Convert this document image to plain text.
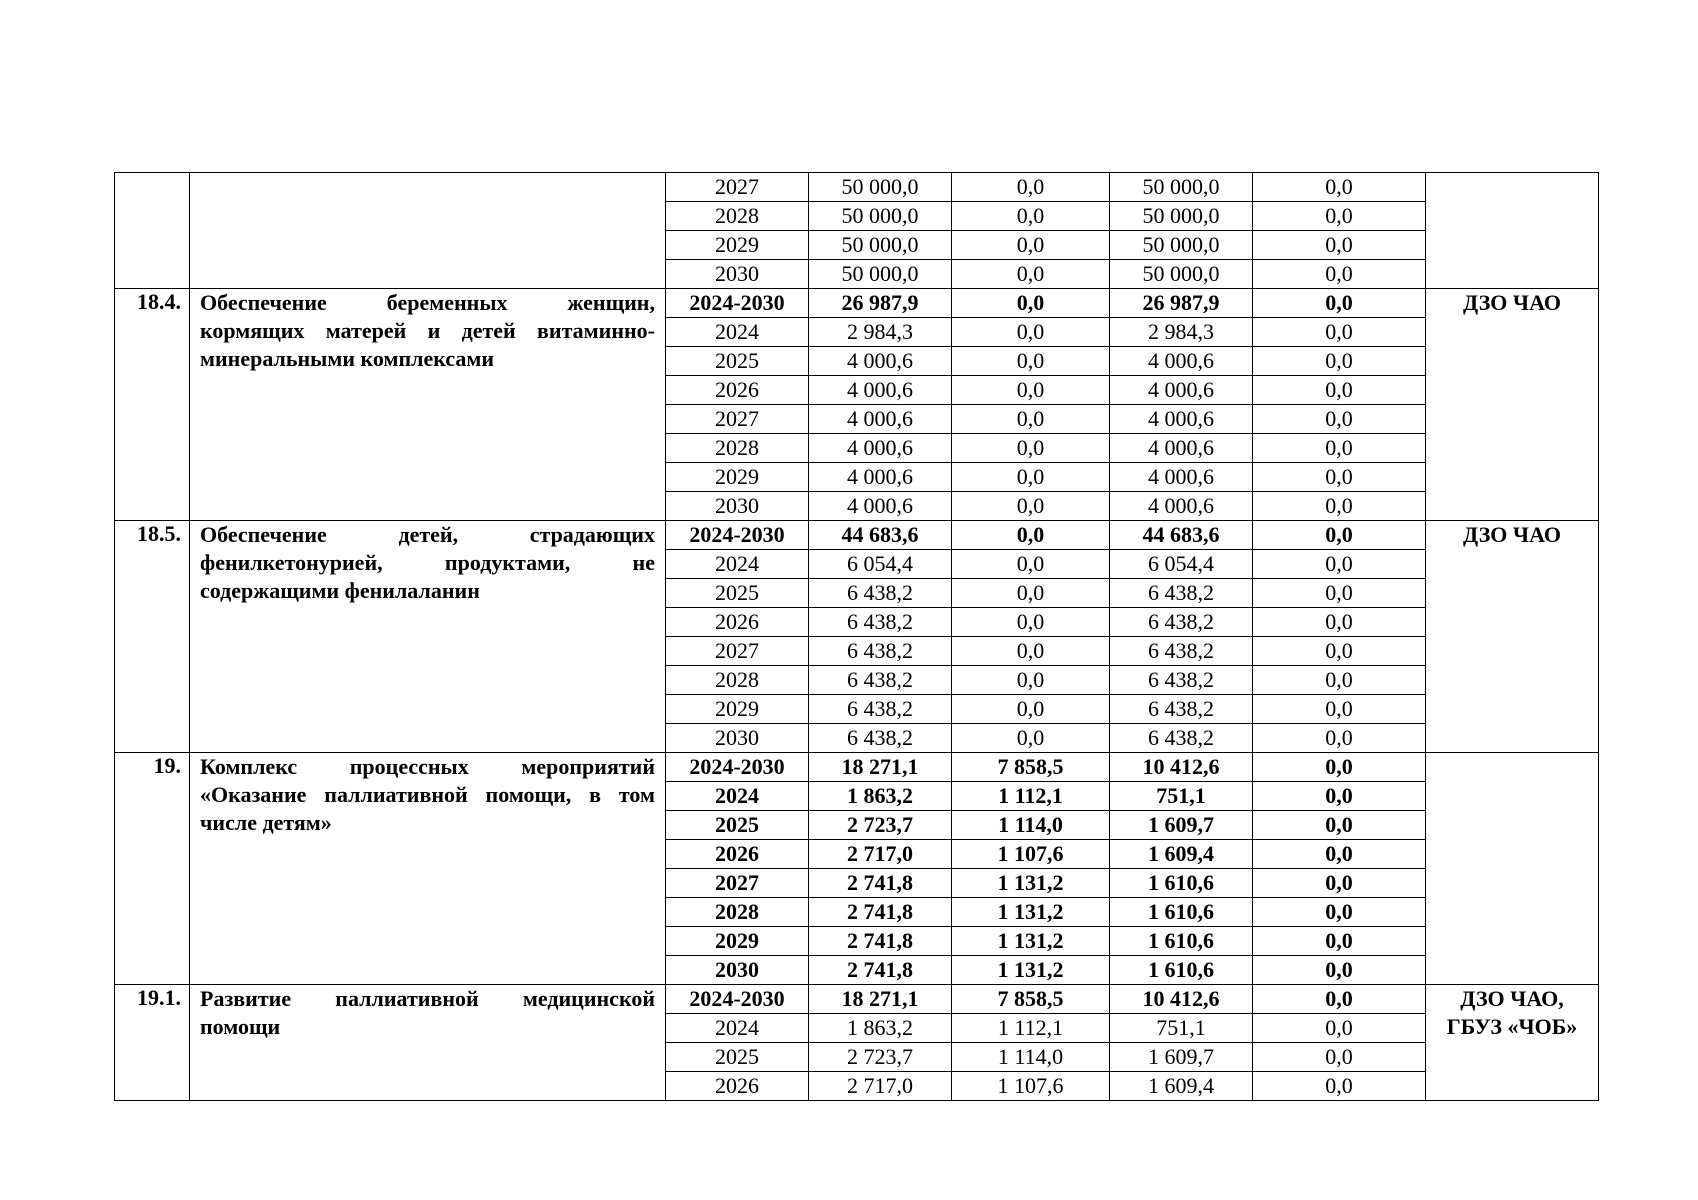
		2027	50 000,0	0,0	50 000,0	0,0	
		2028	50 000,0	0,0	50 000,0	0,0	
		2029	50 000,0	0,0	50 000,0	0,0	
		2030	50 000,0	0,0	50 000,0	0,0	
18.4.	Обеспечение беременных женщин, кормящих матерей и детей витаминно-минеральными комплексами	2024-2030	26 987,9	0,0	26 987,9	0,0	ДЗО ЧАО
		2024	2 984,3	0,0	2 984,3	0,0	
		2025	4 000,6	0,0	4 000,6	0,0	
		2026	4 000,6	0,0	4 000,6	0,0	
		2027	4 000,6	0,0	4 000,6	0,0	
		2028	4 000,6	0,0	4 000,6	0,0	
		2029	4 000,6	0,0	4 000,6	0,0	
		2030	4 000,6	0,0	4 000,6	0,0	
18.5.	Обеспечение детей, страдающих фенилкетонурией, продуктами, не содержащими фенилаланин	2024-2030	44 683,6	0,0	44 683,6	0,0	ДЗО ЧАО
		2024	6 054,4	0,0	6 054,4	0,0	
		2025	6 438,2	0,0	6 438,2	0,0	
		2026	6 438,2	0,0	6 438,2	0,0	
		2027	6 438,2	0,0	6 438,2	0,0	
		2028	6 438,2	0,0	6 438,2	0,0	
		2029	6 438,2	0,0	6 438,2	0,0	
		2030	6 438,2	0,0	6 438,2	0,0	
19.	Комплекс процессных мероприятий «Оказание паллиативной помощи, в том числе детям»	2024-2030	18 271,1	7 858,5	10 412,6	0,0	
		2024	1 863,2	1 112,1	751,1	0,0	
		2025	2 723,7	1 114,0	1 609,7	0,0	
		2026	2 717,0	1 107,6	1 609,4	0,0	
		2027	2 741,8	1 131,2	1 610,6	0,0	
		2028	2 741,8	1 131,2	1 610,6	0,0	
		2029	2 741,8	1 131,2	1 610,6	0,0	
		2030	2 741,8	1 131,2	1 610,6	0,0	
19.1.	Развитие паллиативной медицинской помощи	2024-2030	18 271,1	7 858,5	10 412,6	0,0	ДЗО ЧАО, ГБУЗ «ЧОБ»
		2024	1 863,2	1 112,1	751,1	0,0	
		2025	2 723,7	1 114,0	1 609,7	0,0	
		2026	2 717,0	1 107,6	1 609,4	0,0	
